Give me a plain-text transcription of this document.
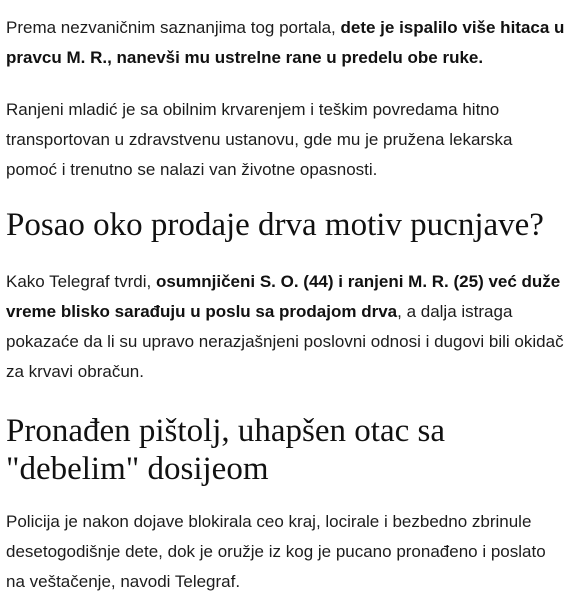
Prema nezvaničnim saznanjima tog portala, dete je ispalilo više hitaca u pravcu M. R., nanevši mu ustrelne rane u predelu obe ruke.

Ranjeni mladić je sa obilnim krvarenjem i teškim povredama hitno transportovan u zdravstvenu ustanovu, gde mu je pružena lekarska pomoć i trenutno se nalazi van životne opasnosti.

Posao oko prodaje drva motiv pucnjave?

Kako Telegraf tvrdi, osumnjičeni S. O. (44) i ranjeni M. R. (25) već duže vreme blisko sarađuju u poslu sa prodajom drva, a dalja istraga pokazaće da li su upravo nerazjašnjeni poslovni odnosi i dugovi bili okidač za krvavi obračun.

Pronađen pištolj, uhapšen otac sa "debelim" dosijeom

Policija je nakon dojave blokirala ceo kraj, locirale i bezbedno zbrinule desetogodišnje dete, dok je oružje iz kog je pucano pronađeno i poslato na veštačenje, navodi Telegraf.
